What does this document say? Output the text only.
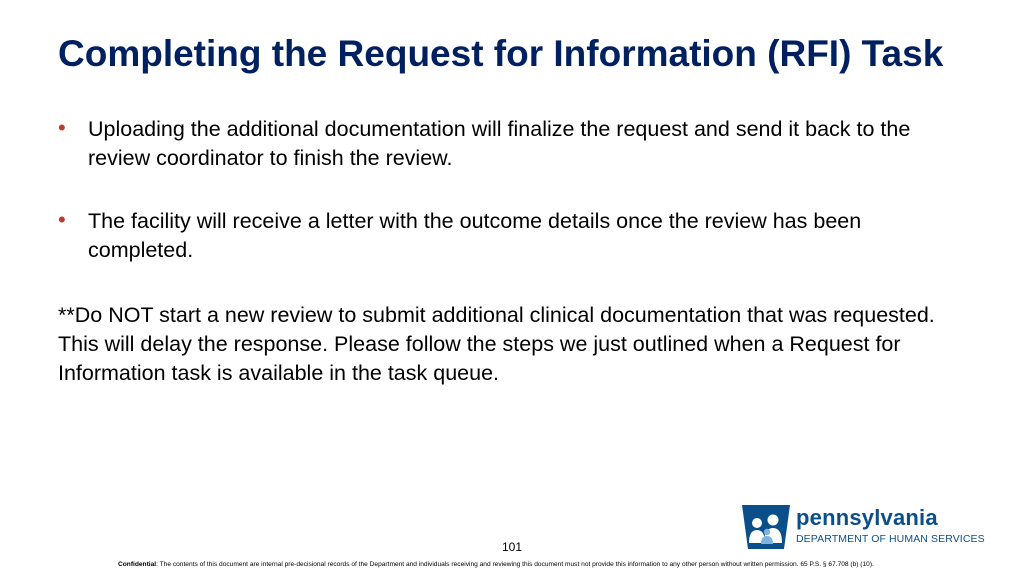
Completing the Request for Information (RFI) Task
• Uploading the additional documentation will finalize the request and send it back to the review coordinator to finish the review.
• The facility will receive a letter with the outcome details once the review has been completed.

**Do NOT start a new review to submit additional clinical documentation that was requested. This will delay the response. Please follow the steps we just outlined when a Request for Information task is available in the task queue.

101
Confidential: The contents of this document are internal pre-decisional records of the Department and individuals receiving and reviewing this document must not provide this information to any other person without written permission. 65 P.S. § 67.708 (b) (10).
pennsylvania
DEPARTMENT OF HUMAN SERVICES
